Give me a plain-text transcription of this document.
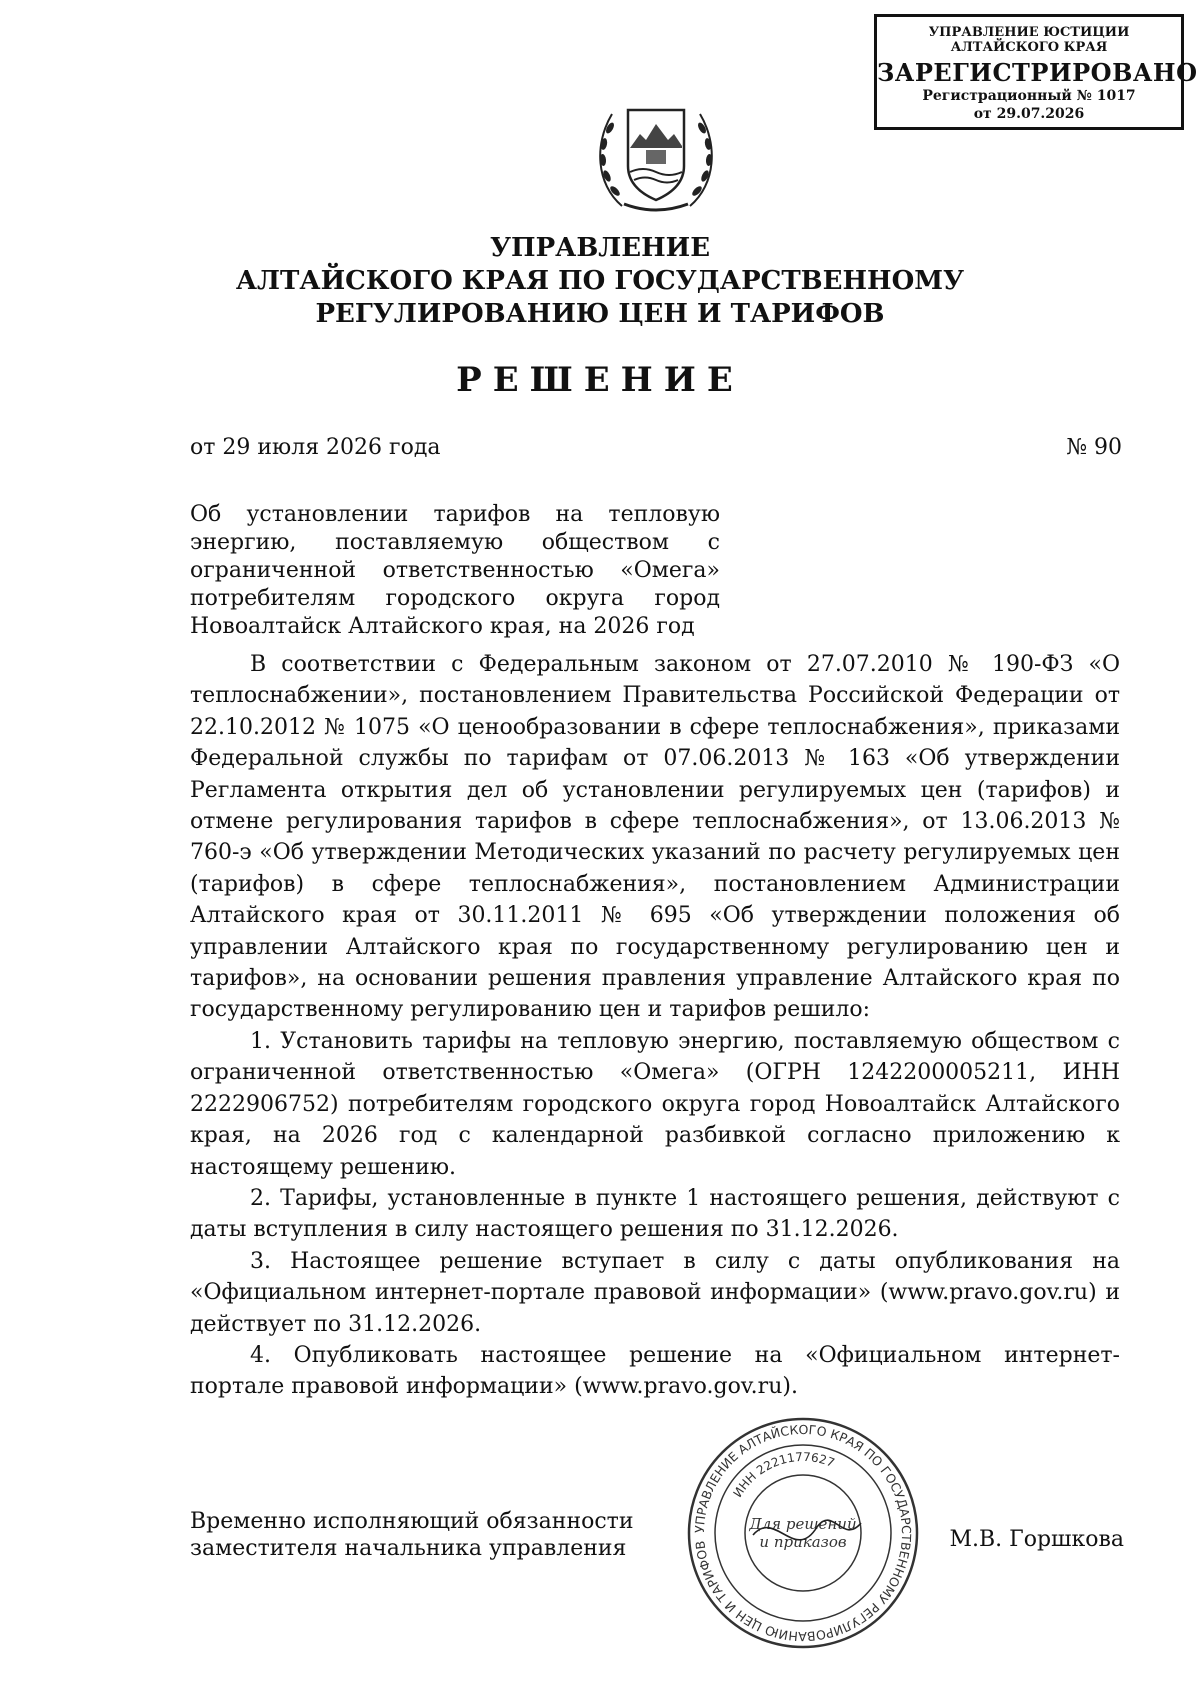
УПРАВЛЕНИЕ ЮСТИЦИИ
АЛТАЙСКОГО КРАЯ
ЗАРЕГИСТРИРОВАНО
Регистрационный № 1017
от 29.07.2026
УПРАВЛЕНИЕ
АЛТАЙСКОГО КРАЯ ПО ГОСУДАРСТВЕННОМУ
РЕГУЛИРОВАНИЮ ЦЕН И ТАРИФОВ
РЕШЕНИЕ
от 29 июля 2026 года	№ 90
Об установлении тарифов на тепловую энергию, поставляемую обществом с ограниченной ответственностью «Омега» потребителям городского округа город Новоалтайск Алтайского края, на 2026 год

В соответствии с Федеральным законом от 27.07.2010 № 190-ФЗ «О теплоснабжении», постановлением Правительства Российской Федерации от 22.10.2012 № 1075 «О ценообразовании в сфере теплоснабжения», приказами Федеральной службы по тарифам от 07.06.2013 № 163 «Об утверждении Регламента открытия дел об установлении регулируемых цен (тарифов) и отмене регулирования тарифов в сфере теплоснабжения», от 13.06.2013 № 760-э «Об утверждении Методических указаний по расчету регулируемых цен (тарифов) в сфере теплоснабжения», постановлением Администрации Алтайского края от 30.11.2011 № 695 «Об утверждении положения об управлении Алтайского края по государственному регулированию цен и тарифов», на основании решения правления управление Алтайского края по государственному регулированию цен и тарифов решило:

1. Установить тарифы на тепловую энергию, поставляемую обществом с ограниченной ответственностью «Омега» (ОГРН 1242200005211, ИНН 2222906752) потребителям городского округа город Новоалтайск Алтайского края, на 2026 год с календарной разбивкой согласно приложению к настоящему решению.

2. Тарифы, установленные в пункте 1 настоящего решения, действуют с даты вступления в силу настоящего решения по 31.12.2026.

3. Настоящее решение вступает в силу с даты опубликования на «Официальном интернет-портале правовой информации» (www.pravo.gov.ru) и действует по 31.12.2026.

4. Опубликовать настоящее решение на «Официальном интернет-портале правовой информации» (www.pravo.gov.ru).

Временно исполняющий обязанности
заместителя начальника управления	М.В. Горшкова
УПРАВЛЕНИЕ АЛТАЙСКОГО КРАЯ ПО ГОСУДАРСТВЕННОМУ РЕГУЛИРОВАНИЮ ЦЕН И ТАРИФОВ
ИНН 2221177627
Для решений
и приказов
